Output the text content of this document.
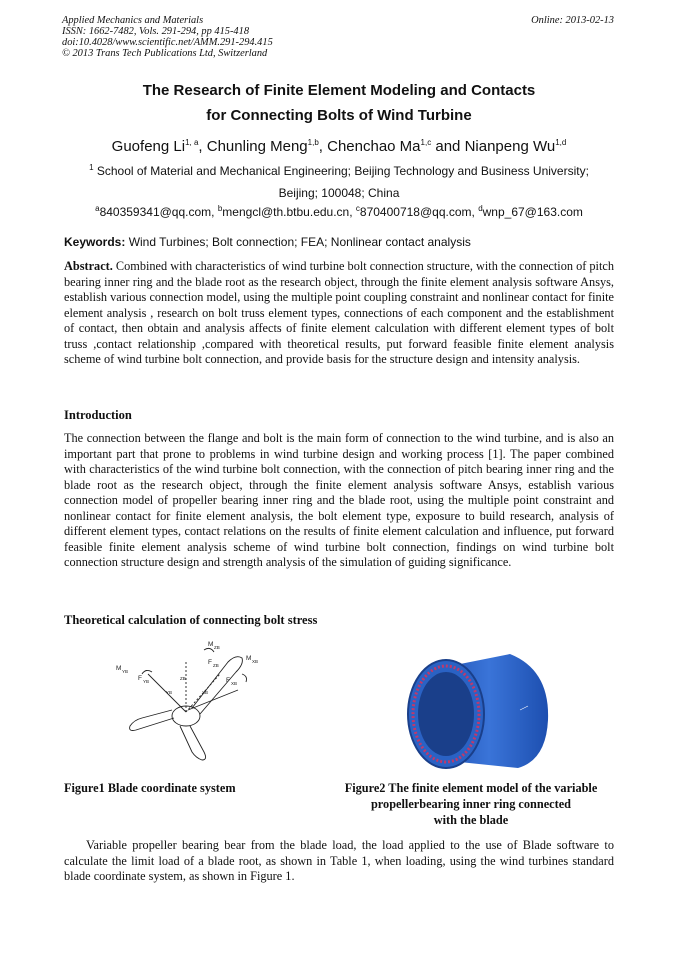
Applied Mechanics and Materials
ISSN: 1662-7482, Vols. 291-294, pp 415-418
doi:10.4028/www.scientific.net/AMM.291-294.415
© 2013 Trans Tech Publications Ltd, Switzerland
Online: 2013-02-13
The Research of Finite Element Modeling and Contacts
for Connecting Bolts of Wind Turbine
Guofeng Li$^{1, a}$, Chunling Meng$^{1,b}$, Chenchao Ma$^{1,c}$ and Nianpeng Wu$^{1,d}$
$^1$ School of Material and Mechanical Engineering; Beijing Technology and Business University;
Beijing; 100048; China
$^a$840359341@qq.com, $^b$mengcl@th.btbu.edu.cn, $^c$870400718@qq.com, $^d$wnp_67@163.com
Keywords: Wind Turbines; Bolt connection; FEA; Nonlinear contact analysis
Abstract. Combined with characteristics of wind turbine bolt connection structure, with the connection of pitch bearing inner ring and the blade root as the research object, through the finite element analysis software Ansys, establish various connection model, using the multiple point coupling constraint and nonlinear contact for finite element analysis , research on bolt truss element types, connections of each component and the establishment of contact, then obtain and analysis affects of finite element calculation with different element types of bolt truss ,contact relationship ,compared with theoretical results, put forward feasible finite element analysis scheme of wind turbine bolt connection, and provide basis for the structure design and intensity analysis.
Introduction
The connection between the flange and bolt is the main form of connection to the wind turbine, and is also an important part that prone to problems in wind turbine design and working process [1]. The paper combined with characteristics of the wind turbine bolt connection, with the connection of pitch bearing inner ring and the blade root as the research object, through the finite element analysis software Ansys, establish various connection model of propeller bearing inner ring and the blade root, using the multiple point constraint and nonlinear contact for finite element analysis, the bolt element type, exposure to build research, analysis of different element types, contact relations on the results of finite element calculation and influence, put forward feasible finite element analysis scheme of wind turbine bolt connection, findings on wind turbine bolt connection structure design and strength analysis of the simulation of guiding significance.
Theoretical calculation of connecting bolt stress
M YB
F YB
M ZB
F ZB
M XB
F XB
ZB
YB	XB
Figure1 Blade coordinate system	Figure2 The finite element model of the variable
propellerbearing inner ring connected
with the blade
Variable propeller bearing bear from the blade load, the load applied to the use of Blade software to calculate the limit load of a blade root, as shown in Table 1, when loading, using the wind turbines standard blade coordinate system, as shown in Figure 1.
